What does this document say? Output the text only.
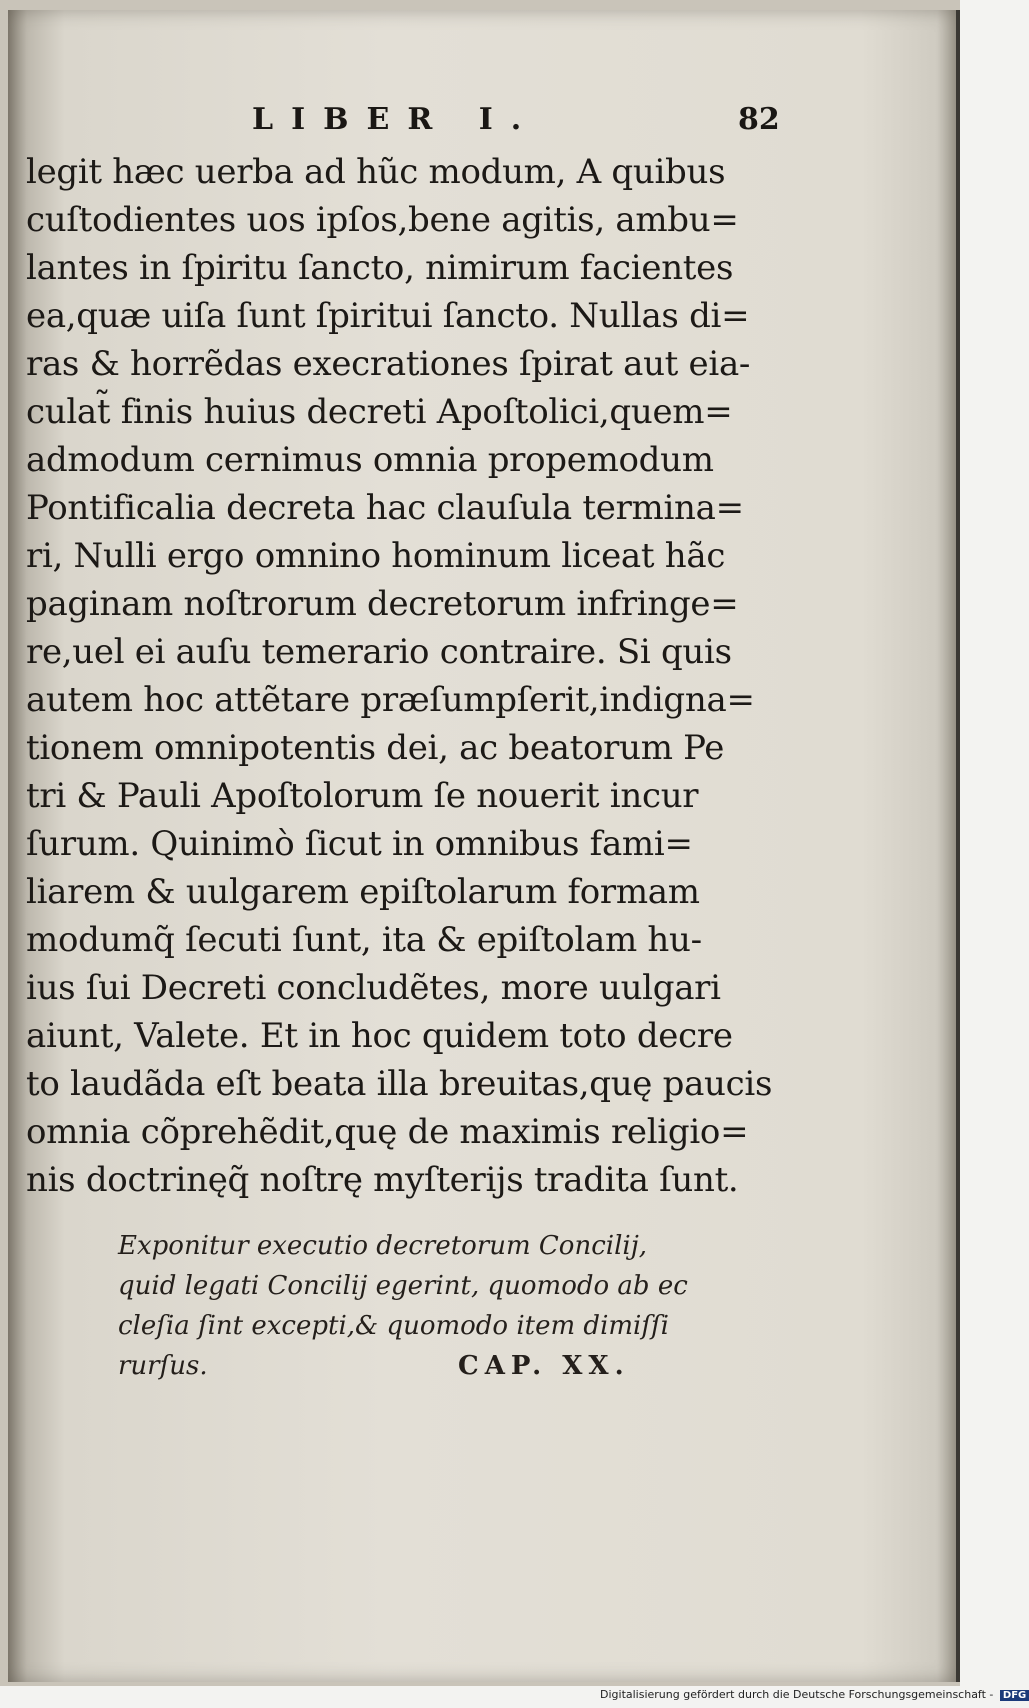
LIBER I.	82
legit hæc uerba ad hũc modum, A quibus
cuſtodientes uos ipſos,bene agitis, ambu=
lantes in ſpiritu ſancto, nimirum facientes
ea,quæ uiſa ſunt ſpiritui ſancto. Nullas di=
ras & horrẽdas execrationes ſpirat aut eia-
culat̃ finis huius decreti Apoſtolici,quem=
admodum cernimus omnia propemodum
Pontificalia decreta hac clauſula termina=
ri, Nulli ergo omnino hominum liceat hãc
paginam noſtrorum decretorum infringe=
re,uel ei auſu temerario contraire. Si quis
autem hoc attẽtare præſumpſerit,indigna=
tionem omnipotentis dei, ac beatorum Pe
tri & Pauli Apoſtolorum ſe nouerit incur
ſurum. Quinimò ſicut in omnibus fami=
liarem & uulgarem epiſtolarum formam
modumq̃ ſecuti ſunt, ita & epiſtolam hu-
ius ſui Decreti concludẽtes, more uulgari
aiunt, Valete. Et in hoc quidem toto decre
to laudãda eſt beata illa breuitas,quę paucis
omnia cõprehẽdit,quę de maximis religio=
nis doctrinęq̃ noſtrę myſterijs tradita ſunt.
Exponitur executio decretorum Concilij,
quid legati Concilij egerint, quomodo ab ec
cleſia ſint excepti,& quomodo item dimiſſi
rurſus.	CAP. XX.
Digitalisierung gefördert durch die Deutsche Forschungsgemeinschaft - DFG
